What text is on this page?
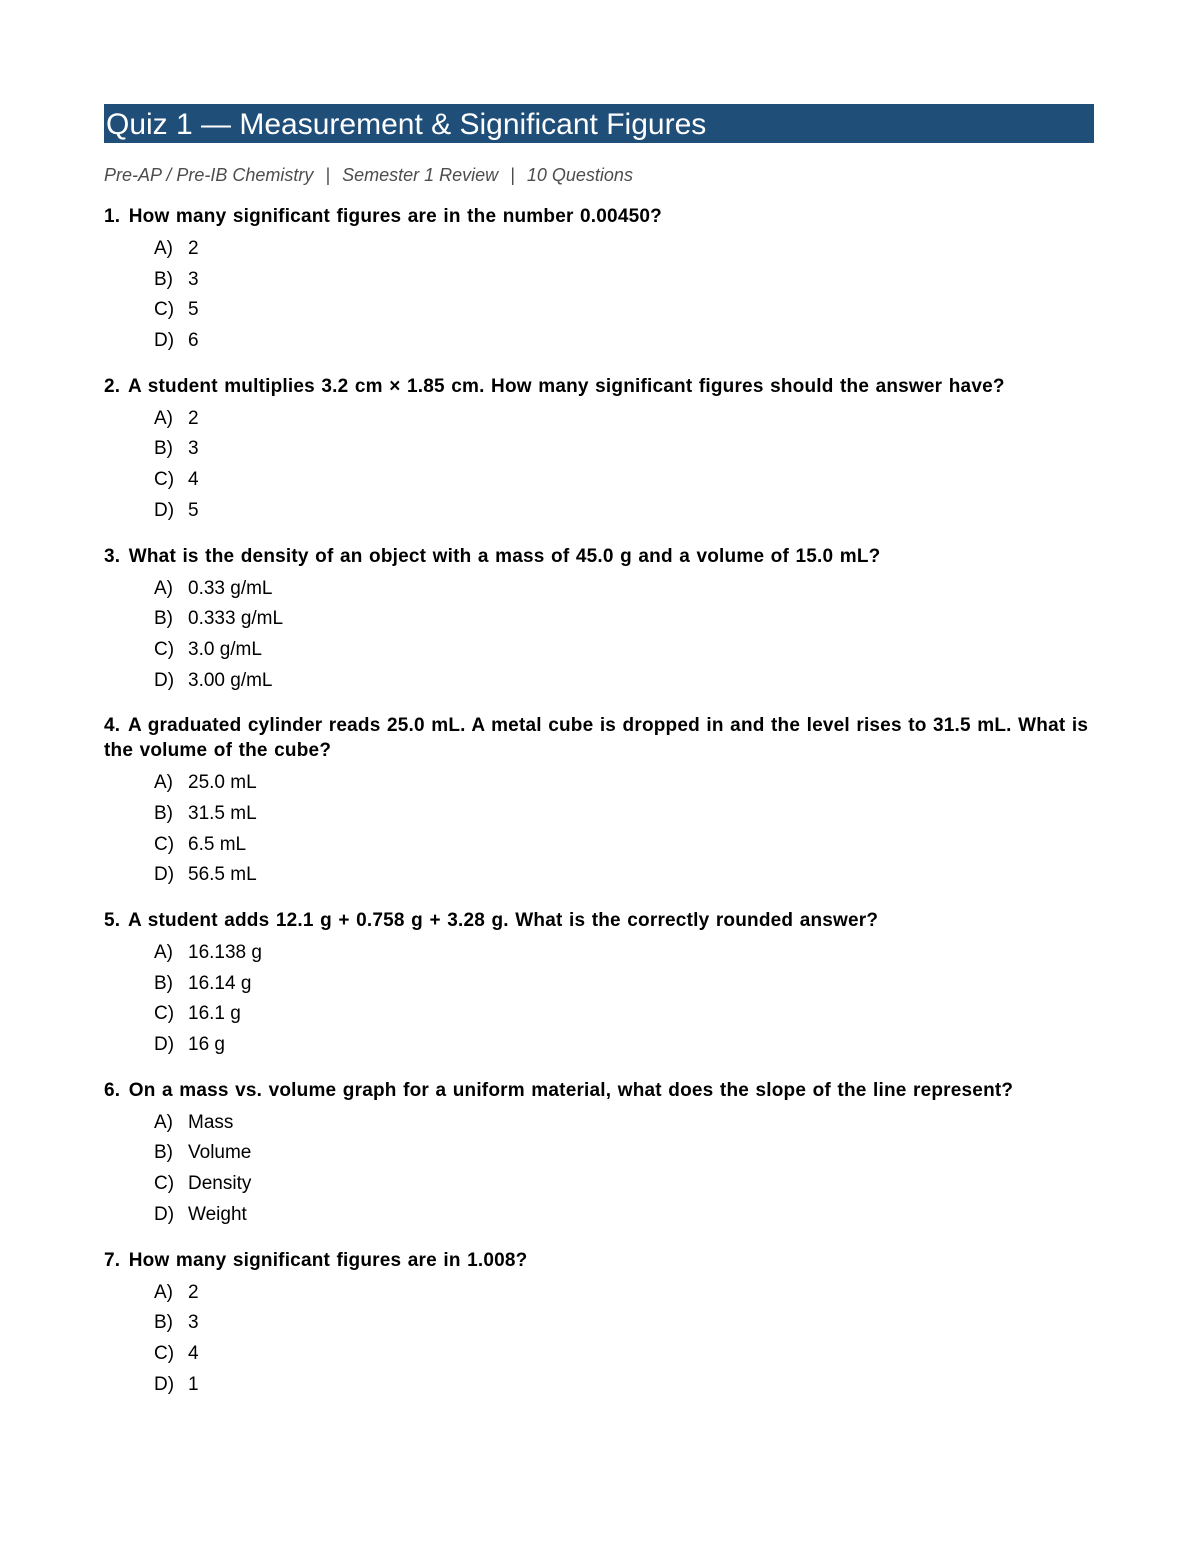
Quiz 1 — Measurement & Significant Figures
Pre-AP / Pre-IB Chemistry | Semester 1 Review | 10 Questions
1. How many significant figures are in the number 0.00450?
A) 2
B) 3
C) 5
D) 6
2. A student multiplies 3.2 cm × 1.85 cm. How many significant figures should the answer have?
A) 2
B) 3
C) 4
D) 5
3. What is the density of an object with a mass of 45.0 g and a volume of 15.0 mL?
A) 0.33 g/mL
B) 0.333 g/mL
C) 3.0 g/mL
D) 3.00 g/mL
4. A graduated cylinder reads 25.0 mL. A metal cube is dropped in and the level rises to 31.5 mL. What is the volume of the cube?
A) 25.0 mL
B) 31.5 mL
C) 6.5 mL
D) 56.5 mL
5. A student adds 12.1 g + 0.758 g + 3.28 g. What is the correctly rounded answer?
A) 16.138 g
B) 16.14 g
C) 16.1 g
D) 16 g
6. On a mass vs. volume graph for a uniform material, what does the slope of the line represent?
A) Mass
B) Volume
C) Density
D) Weight
7. How many significant figures are in 1.008?
A) 2
B) 3
C) 4
D) 1
